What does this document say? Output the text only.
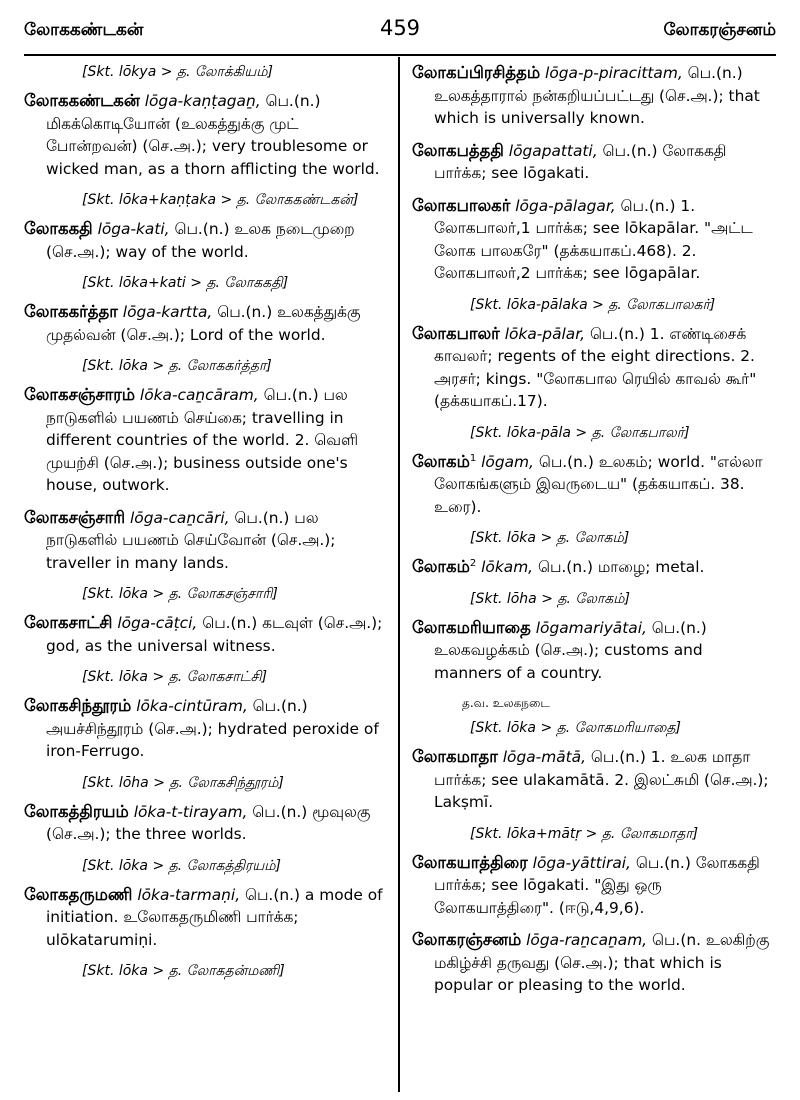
லோககண்டகன்	459	லோகரஞ்சனம்
[Skt. lōkya > த. லோக்கியம்]

லோககண்டகன் lōga-kaṇṭagaṉ, பெ.(n.) மிகக்கொடியோன் (உலகத்துக்கு முட் போன்றவன்) (செ.அ.); very troublesome or wicked man, as a thorn afflicting the world.

[Skt. lōka+kaṇṭaka > த. லோககண்டகன்]

லோககதி lōga-kati, பெ.(n.) உலக நடைமுறை (செ.அ.); way of the world.

[Skt. lōka+kati > த. லோககதி]

லோககர்த்தா lōga-kartta, பெ.(n.) உலகத்துக்கு முதல்வன் (செ.அ.); Lord of the world.

[Skt. lōka > த. லோககர்த்தா]

லோகசஞ்சாரம் lōka-caṉcāram, பெ.(n.) பல நாடுகளில் பயணம் செய்கை; travelling in different countries of the world. 2. வெளி முயற்சி (செ.அ.); business outside one's house, outwork.

லோகசஞ்சாரி lōga-caṉcāri, பெ.(n.) பல நாடுகளில் பயணம் செய்வோன் (செ.அ.); traveller in many lands.

[Skt. lōka > த. லோகசஞ்சாரி]

லோகசாட்சி lōga-cāṭci, பெ.(n.) கடவுள் (செ.அ.); god, as the universal witness.

[Skt. lōka > த. லோகசாட்சி]

லோகசிந்தூரம் lōka-cintūram, பெ.(n.) அயச்சிந்தூரம் (செ.அ.); hydrated peroxide of iron-Ferrugo.

[Skt. lōha > த. லோகசிந்தூரம்]

லோகத்திரயம் lōka-t-tirayam, பெ.(n.) மூவுலகு (செ.அ.); the three worlds.

[Skt. lōka > த. லோகத்திரயம்]

லோகதருமணி lōka-tarmaṇi, பெ.(n.) a mode of initiation. உலோகதருமிணி பார்க்க; ulōkatarumiṇi.

[Skt. lōka > த. லோகதன்மணி]

லோகப்பிரசித்தம் lōga-p-piracittam, பெ.(n.) உலகத்தாரால் நன்கறியப்பட்டது (செ.அ.); that which is universally known.

லோகபத்ததி lōgapattati, பெ.(n.) லோககதி பார்க்க; see lōgakati.

லோகபாலகர் lōga-pālagar, பெ.(n.) 1. லோகபாலர்,1 பார்க்க; see lōkapālar. "அட்ட லோக பாலகரே" (தக்கயாகப்.468). 2. லோகபாலர்,2 பார்க்க; see lōgapālar.

[Skt. lōka-pālaka > த. லோகபாலகர்]

லோகபாலர் lōka-pālar, பெ.(n.) 1. எண்டிசைக் காவலர்; regents of the eight directions. 2. அரசர்; kings. "லோகபால ரெயில் காவல் கூர்" (தக்கயாகப்.17).

[Skt. lōka-pāla > த. லோகபாலர்]

லோகம்$^1$ lōgam, பெ.(n.) உலகம்; world. "எல்லா லோகங்களும் இவருடைய" (தக்கயாகப். 38. உரை).

[Skt. lōka > த. லோகம்]

லோகம்$^2$ lōkam, பெ.(n.) மாழை; metal.

[Skt. lōha > த. லோகம்]

லோகமரியாதை lōgamariyātai, பெ.(n.) உலகவழக்கம் (செ.அ.); customs and manners of a country.

த.வ. உலகநடை
[Skt. lōka > த. லோகமரியாதை]

லோகமாதா lōga-mātā, பெ.(n.) 1. உலக மாதா பார்க்க; see ulakamātā. 2. இலட்சுமி (செ.அ.); Lakṣmī.

[Skt. lōka+mātṛ > த. லோகமாதா]

லோகயாத்திரை lōga-yāttirai, பெ.(n.) லோககதி பார்க்க; see lōgakati. "இது ஒரு லோகயாத்திரை". (ஈடு,4,9,6).

லோகரஞ்சனம் lōga-raṉcaṉam, பெ.(n. உலகிற்கு மகிழ்ச்சி தருவது (செ.அ.); that which is popular or pleasing to the world.
